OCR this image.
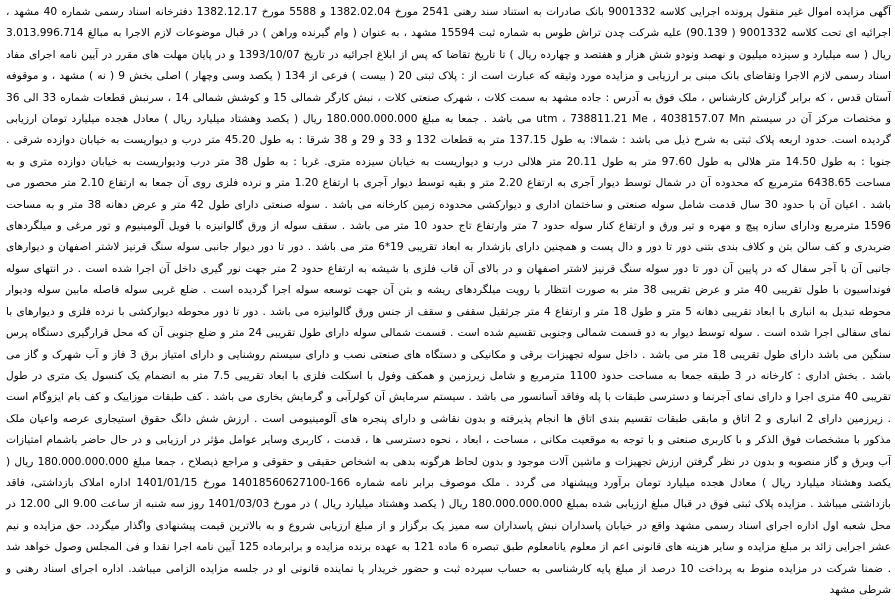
آگهی مزایده اموال غیر منقول پرونده اجرایی کلاسه 9001332 بانک صادرات به استناد سند رهنی 2541 مورخ 1382.02.04 و 5588 مورخ 1382.12.17 دفترخانه اسناد رسمی شماره 40 مشهد ، اجرائیه ای تحت کلاسه 9001332 ( 90.139) علیه شرکت چدن تراش طوس به شماره ثبت 15594 مشهد ، به عنوان ( وام گیرنده وراهن ) در قبال موضوعات لازم الاجرا به مبالغ 3.013.996.714 ریال ( سه میلیارد و سیزده میلیون و نهصد ونودو شش هزار و هفتصد و چهارده ریال ) تا تاریخ تقاضا که پس از ابلاغ اجرائیه در تاریخ 1393/10/07 و در پایان مهلت های مقرر در آیین نامه اجرای مفاد اسناد رسمی لازم الاجرا وتقاضای بانک مبنی بر ارزیابی و مزایده مورد وثیقه که عبارت است از : پلاک ثبتی 20 ( بیست ) فرعی از 134 ( یکصد وسی وچهار ) اصلی بخش 9 ( نه ) مشهد ، و موقوفه آستان قدس ، که برابر گزارش کارشناس ، ملک فوق به آدرس : جاده مشهد به سمت کلات ، شهرک صنعتی کلات ، نبش کارگر شمالی 15 و کوشش شمالی 14 ، سرنبش قطعات شماره 33 الی 36 و مختصات مرکز آن در سیستم utm ، 738811.21 Me ، 4038157.07 Mn می باشد . جمعا به مبلغ 180.000.000.000 ریال ( یکصد وهشتاد میلیارد ریال ) معادل هجده میلیارد تومان ارزیابی گردیده است. حدود اربعه پلاک ثبتی به شرح ذیل می باشد : شمالا: به طول 137.15 متر به قطعات 132 و 33 و 29 و 38 شرقا : به طول 45.20 متر درب و دیواریست به خیابان دوازده شرقی . جنوبا : به طول 14.50 متر هلالی به طول 97.60 متر به طول 20.11 متر هلالی درب و دیواریست به خیابان سیزده متری. غربا : به طول 38 متر درب ودیواریست به خیابان دوازده متری و به مساحت 6438.65 مترمربع که محدوده آن در شمال توسط دیوار آجری به ارتفاع 2.20 متر و بقیه توسط دیوار آجری با ارتفاع 1.20 متر و نرده فلزی روی آن جمعا به ارتفاع 2.10 متر محصور می باشد . اعیان آن با حدود 30 سال قدمت شامل سوله صنعتی و ساختمان اداری و دیوارکشی محدوده زمین کارخانه می باشد . سوله صنعتی دارای طول 42 متر و عرض دهانه 38 متر و به مساحت 1596 مترمربع ودارای سازه پیچ و مهره و تیر ورق و ارتفاع کنار سوله حدود 7 متر وارتفاع تاج حدود 10 متر می باشد . سقف سوله از ورق گالوانیزه با فویل آلومینیوم و تور مرغی و میلگردهای ضربدری و کف سالن بتن و کلاف بندی بتنی دور تا دور و دال پست و همچنین دارای بازشدار به ابعاد تقریبی 19*6 متر می باشد . دور تا دور دیوار جانبی سوله سنگ قرنیز لاشتر اصفهان و دیوارهای جانبی آن با آجر سفال که در پایین آن دور تا دور سوله سنگ قرنیز لاشتر اصفهان و در بالای آن قاب فلزی با شیشه به ارتفاع حدود 2 متر جهت نور گیری داخل آن اجرا شده است . در انتهای سوله فونداسیون با طول تقریبی 40 متر و عرض تقریبی 38 متر به صورت انتظار با رویت میلگردهای ریشه و بتن آن جهت توسعه سوله اجرا گردیده است . ضلع غربی سوله فاصله مابین سوله ودیوار محوطه تبدیل به انباری با ابعاد تقریبی دهانه 5 متر و طول 18 متر و ارتفاع 4 متر جرثقیل سقفی و سقف از جنس ورق گالوانیزه می باشد . دور تا دور محوطه دیوارکشی با نرده فلزی و دیوارهای با نمای سفالی اجرا شده است . سوله توسط دیوار به دو قسمت شمالی وجنوبی تقسیم شده است . قسمت شمالی سوله دارای طول تقریبی 24 متر و ضلع جنوبی آن که محل قرارگیری دستگاه پرس سنگین می باشد دارای طول تقریبی 18 متر می باشد . داخل سوله تجهیزات برقی و مکانیکی و دستگاه های صنعتی نصب و دارای سیستم روشنایی و دارای امتیاز برق 3 فاز و آب شهرک و گاز می باشد . بخش اداری : کارخانه در 3 طبقه جمعا به مساحت حدود 1100 مترمربع و شامل زیرزمین و همکف وفول با اسکلت فلزی با ابعاد تقریبی 7.5 متر به انضمام یک کنسول یک متری در طول تقریبی 40 متری اجرا و دارای نمای آجرنما و دسترسی طبقات با پله وفاقد آسانسور می باشد . سیستم سرمایش آن کولرآبی و گرمایش بخاری می باشد . کف طبقات موزاییک و کف بام ایزوگام است . زیرزمین دارای 2 انباری و 2 اتاق و مابقی طبقات تقسیم بندی اتاق ها انجام پذیرفته و بدون نقاشی و دارای پنجره های آلومینیومی است . ارزش شش دانگ حقوق استیجاری عرصه واعیان ملک مذکور با مشخصات فوق الذکر و با کاربری صنعتی و با توجه به موقعیت مکانی ، مساحت ، ابعاد ، نحوه دسترسی ها ، قدمت ، کاربری وسایر عوامل مؤثر در ارزیابی و در حال حاضر باشمام امتیازات آب وبرق و گاز منصوبه و بدون در نظر گرفتن ارزش تجهیزات و ماشین آلات موجود و بدون لحاظ هرگونه بدهی به اشخاص حقیقی و حقوقی و مراجع ذیصلاح ، جمعا مبلغ 180.000.000.000 ریال ( یکصد وهشتاد میلیارد ریال ) معادل هجده میلیارد تومان برآورد وپیشنهاد می گردد . ملک موصوف برابر نامه شماره 166-14018560627100 مورخ 1401/01/15 اداره املاک بازداشتی، فاقد بازداشتی میباشد . مزایده پلاک ثبتی فوق در قبال مبلغ ارزیابی شده بمبلغ 180.000.000.000 ریال ( یکصد وهشتاد میلیارد ریال ) در مورخ 1401/03/03 روز سه شنبه از ساعت 9.00 الی 12.00 در محل شعبه اول اداره اجرای اسناد رسمی مشهد واقع در خیابان پاسداران نبش پاسداران سه ممیز یک برگزار و از مبلغ ارزیابی شروع و به بالاترین قیمت پیشنهادی واگذار میگردد. حق مزایده و نیم عشر اجرایی زائد بر مبلغ مزایده و سایر هزینه های قانونی اعم از معلوم یانامعلوم طبق تبصره 6 ماده 121 به عهده برنده مزایده و برابرماده 125 آیین نامه اجرا نقدا و فی المجلس وصول خواهد شد . ضمنا شرکت در مزایده منوط به پرداخت 10 درصد از مبلغ پایه کارشناسی به حساب سپرده ثبت و حضور خریدار یا نماینده قانونی او در جلسه مزایده الزامی میباشد. اداره اجرای اسناد رهنی و شرطی مشهد
